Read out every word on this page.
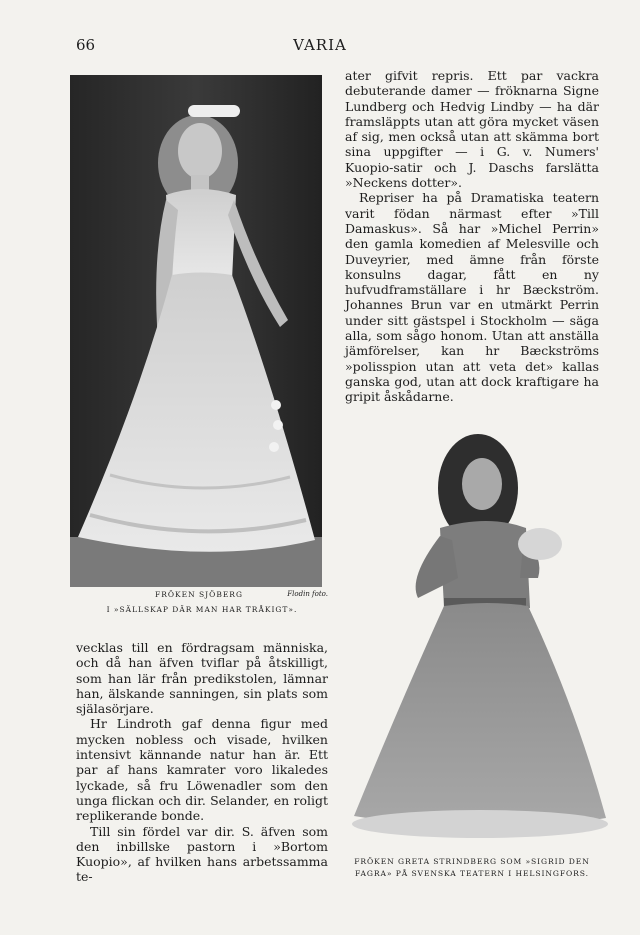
66	VARIA
FRÖKEN SJÖBERG	Flodin foto.
I »SÄLLSKAP DÄR MAN HAR TRÅKIGT».

ater gifvit repris. Ett par vackra debuterande damer — fröknarna Signe Lundberg och Hedvig Lindby — ha där framsläppts utan att göra mycket väsen af sig, men också utan att skämma bort sina uppgifter — i G. v. Numers' Kuopio-satir och J. Daschs farslätta »Neckens dotter».

Repriser ha på Dramatiska teatern varit födan närmast efter »Till Damaskus». Så har »Michel Perrin» den gamla komedien af Melesville och Duveyrier, med ämne från förste konsulns dagar, fått en ny hufvudframställare i hr Bæckström. Johannes Brun var en utmärkt Perrin under sitt gästspel i Stockholm — säga alla, som sågo honom. Utan att anställa jämförelser, kan hr Bæckströms »polisspion utan att veta det» kallas ganska god, utan att dock kraftigare ha gripit åskådarne.

FRÖKEN GRETA STRINDBERG SOM »SIGRID DEN
FAGRA» PÅ SVENSKA TEATERN I HELSINGFORS.

vecklas till en fördragsam människa, och då han äfven tviflar på åtskilligt, som han lär från predikstolen, lämnar han, älskande sanningen, sin plats som själasörjare.

Hr Lindroth gaf denna figur med mycken nobless och visade, hvilken intensivt kännande natur han är. Ett par af hans kamrater voro likaledes lyckade, så fru Löwenadler som den unga flickan och dir. Selander, en roligt replikerande bonde.

Till sin fördel var dir. S. äfven som den inbillske pastorn i »Bortom Kuopio», af hvilken hans arbetssamma te-
